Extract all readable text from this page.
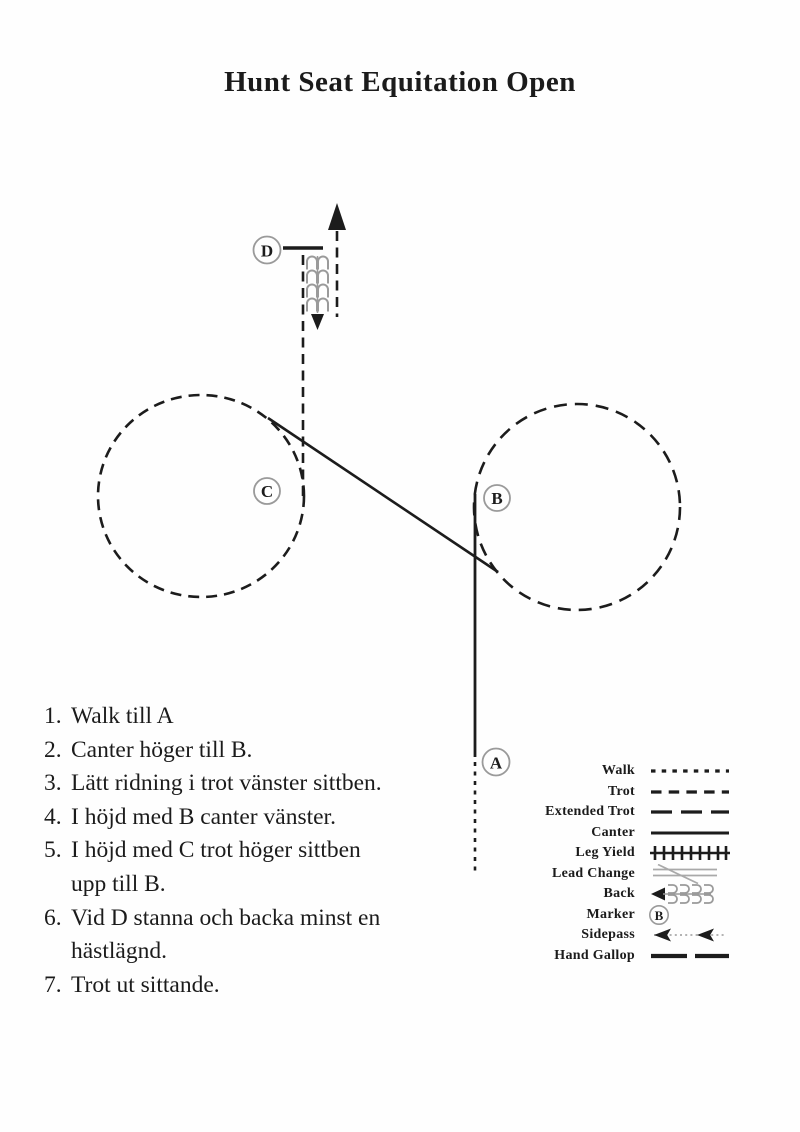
Hunt Seat Equitation Open
D
C	B
A
1. Walk till A
2. Canter höger till B.
3. Lätt ridning i trot vänster sittben.
4. I höjd med B canter vänster.
5. I höjd med C trot höger sittben
upp till B.
6. Vid D stanna och backa minst en
hästlägnd.
7. Trot ut sittande.
Walk
Trot
Extended Trot
Canter
Leg Yield
Lead Change
Back
Marker B
Sidepass
Hand Gallop
